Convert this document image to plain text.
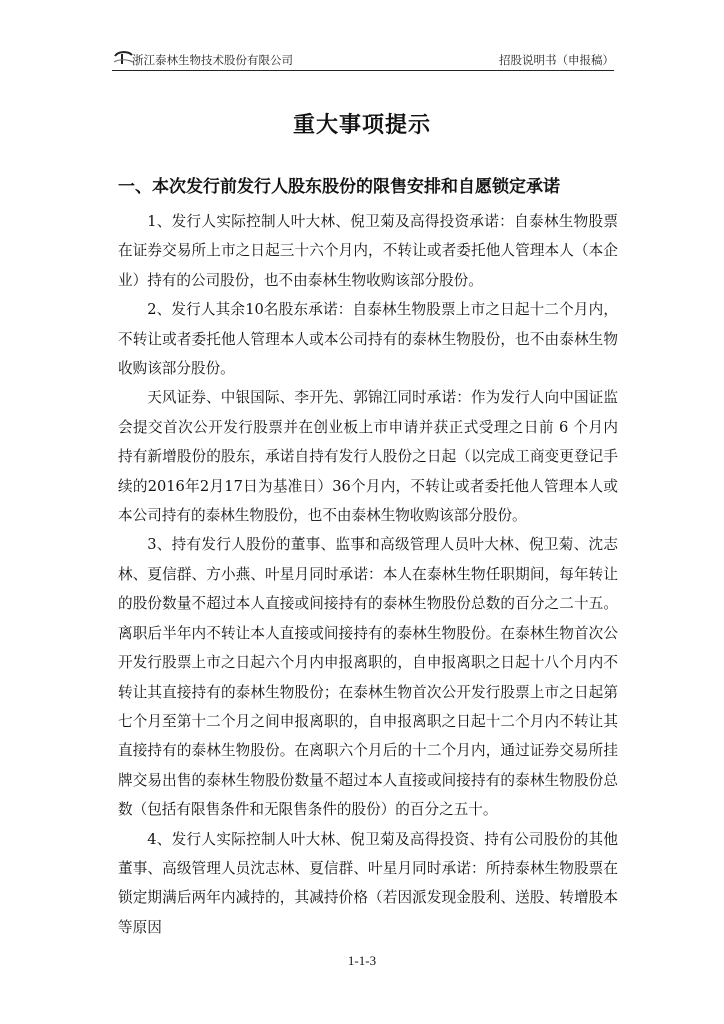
浙江泰林生物技术股份有限公司	招股说明书（申报稿）
重大事项提示
一、本次发行前发行人股东股份的限售安排和自愿锁定承诺

1、发行人实际控制人叶大林、倪卫菊及高得投资承诺：自泰林生物股票在证券交易所上市之日起三十六个月内，不转让或者委托他人管理本人（本企业）持有的公司股份，也不由泰林生物收购该部分股份。

2、发行人其余10名股东承诺：自泰林生物股票上市之日起十二个月内，不转让或者委托他人管理本人或本公司持有的泰林生物股份，也不由泰林生物收购该部分股份。

天风证券、中银国际、李开先、郭锦江同时承诺：作为发行人向中国证监会提交首次公开发行股票并在创业板上市申请并获正式受理之日前 6 个月内持有新增股份的股东，承诺自持有发行人股份之日起（以完成工商变更登记手续的2016年2月17日为基准日）36个月内，不转让或者委托他人管理本人或本公司持有的泰林生物股份，也不由泰林生物收购该部分股份。

3、持有发行人股份的董事、监事和高级管理人员叶大林、倪卫菊、沈志林、夏信群、方小燕、叶星月同时承诺：本人在泰林生物任职期间，每年转让的股份数量不超过本人直接或间接持有的泰林生物股份总数的百分之二十五。离职后半年内不转让本人直接或间接持有的泰林生物股份。在泰林生物首次公开发行股票上市之日起六个月内申报离职的，自申报离职之日起十八个月内不转让其直接持有的泰林生物股份；在泰林生物首次公开发行股票上市之日起第七个月至第十二个月之间申报离职的，自申报离职之日起十二个月内不转让其直接持有的泰林生物股份。在离职六个月后的十二个月内，通过证券交易所挂牌交易出售的泰林生物股份数量不超过本人直接或间接持有的泰林生物股份总数（包括有限售条件和无限售条件的股份）的百分之五十。

4、发行人实际控制人叶大林、倪卫菊及高得投资、持有公司股份的其他董事、高级管理人员沈志林、夏信群、叶星月同时承诺：所持泰林生物股票在锁定期满后两年内减持的，其减持价格（若因派发现金股利、送股、转增股本等原因

1-1-3
